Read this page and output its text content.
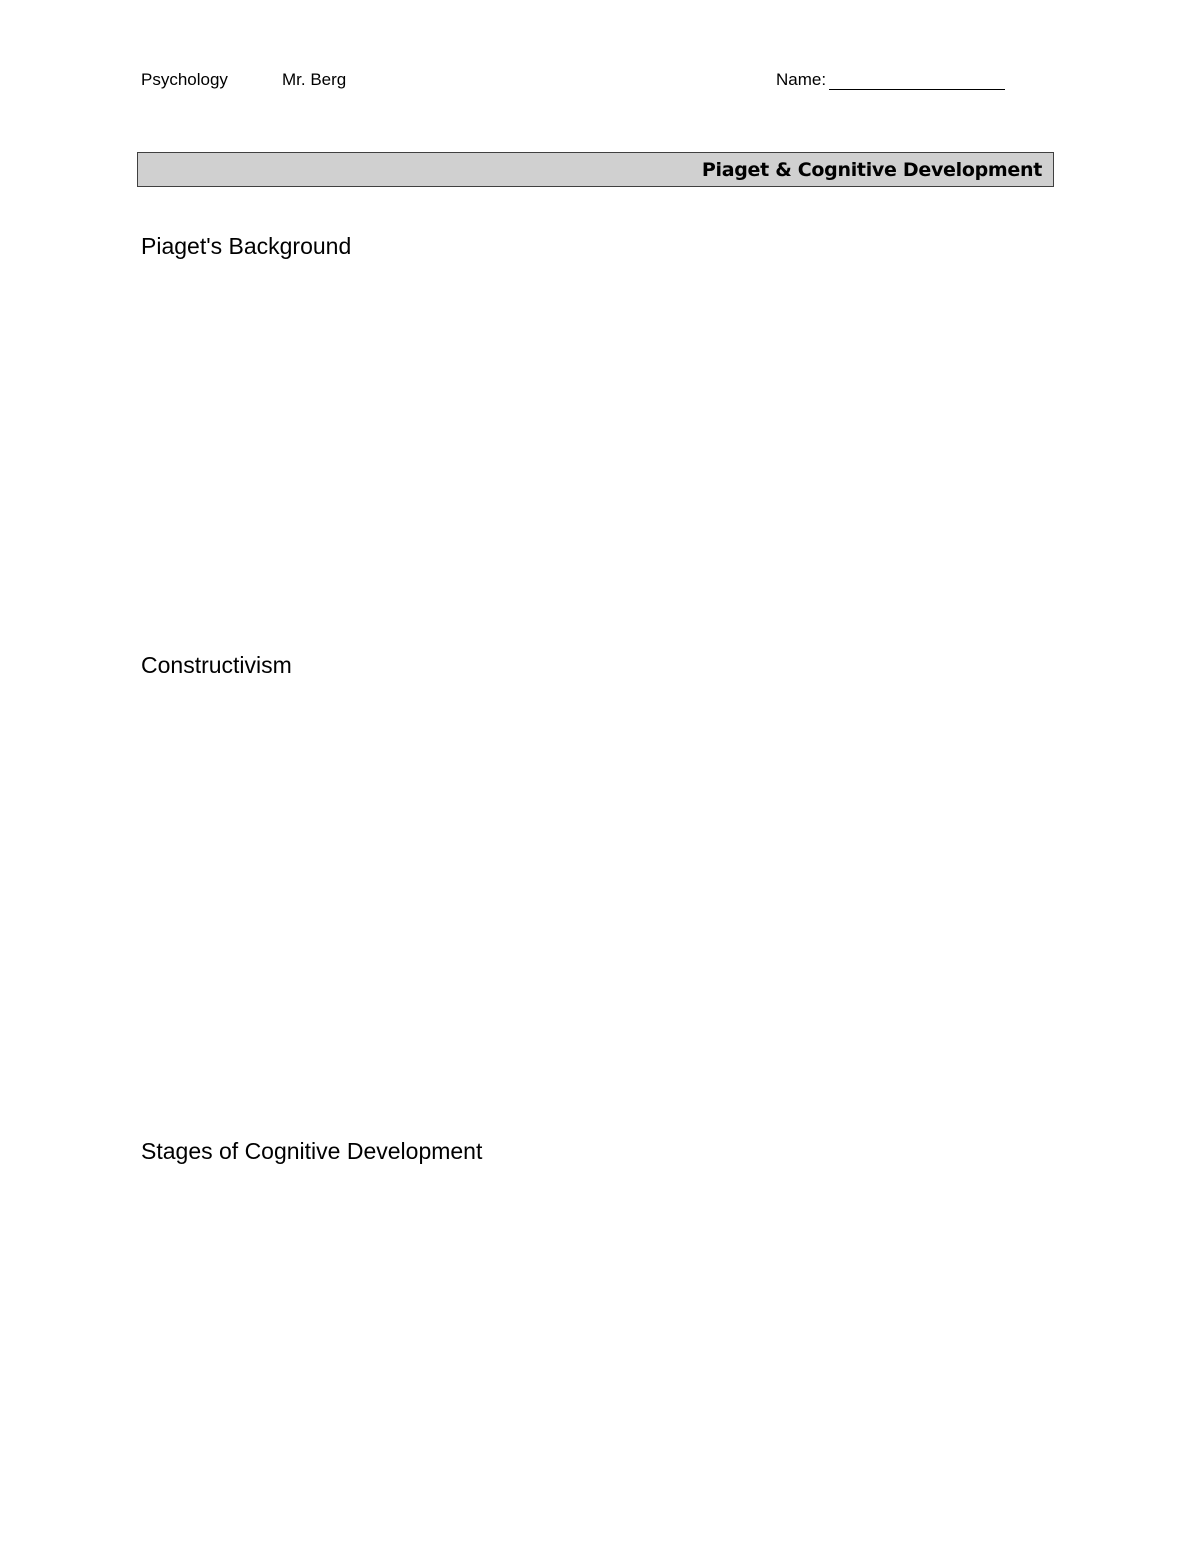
Psychology	Mr. Berg	Name:
Piaget & Cognitive Development
Piaget's Background
Constructivism
Stages of Cognitive Development
